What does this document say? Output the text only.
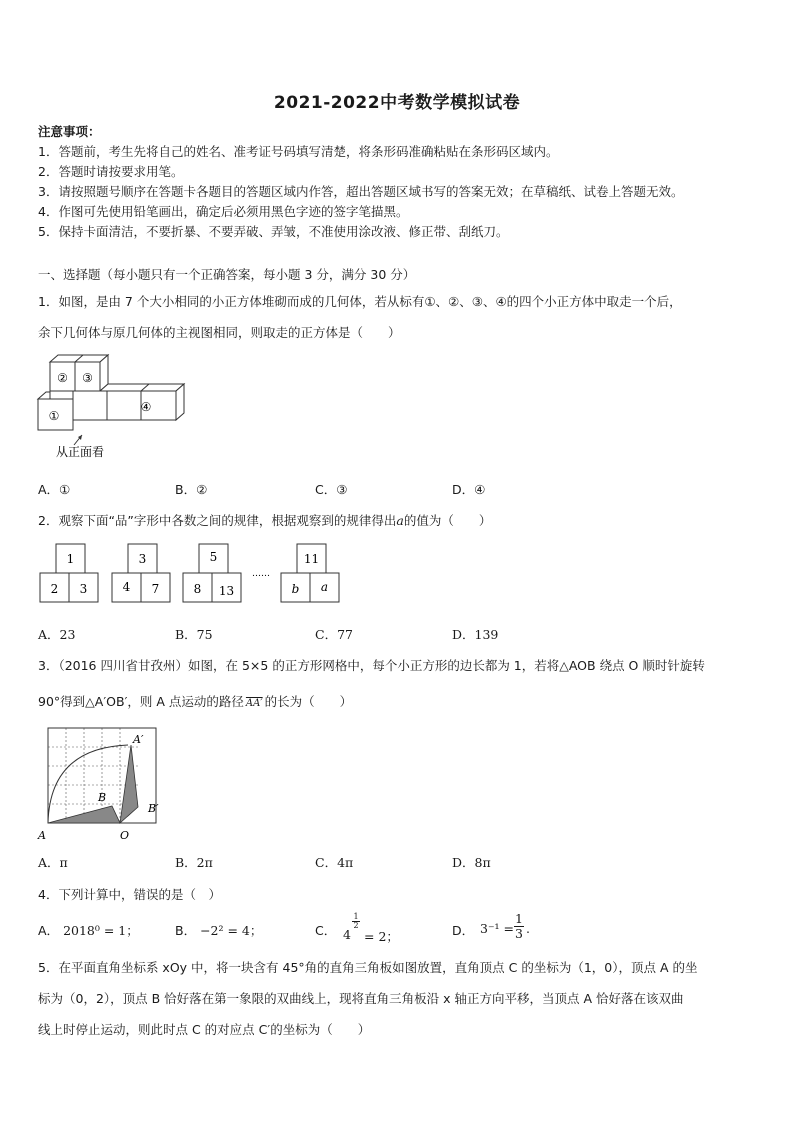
2021-2022中考数学模拟试卷
注意事项：
1．答题前，考生先将自己的姓名、准考证号码填写清楚，将条形码准确粘贴在条形码区域内。
2．答题时请按要求用笔。
3．请按照题号顺序在答题卡各题目的答题区域内作答，超出答题区域书写的答案无效；在草稿纸、试卷上答题无效。
4．作图可先使用铅笔画出，确定后必须用黑色字迹的签字笔描黑。
5．保持卡面清洁，不要折暴、不要弄破、弄皱，不准使用涂改液、修正带、刮纸刀。
一、选择题（每小题只有一个正确答案，每小题 3 分，满分 30 分）
1．如图，是由 7 个大小相同的小正方体堆砌而成的几何体，若从标有①、②、③、④的四个小正方体中取走一个后，
余下几何体与原几何体的主视图相同，则取走的正方体是（　　）
② ③
①
④
从正面看
A．①	B．②	C．③	D．④
2．观察下面“品”字形中各数之间的规律，根据观察到的规律得出a的值为（　　）
1
2 3
3
4 7
5
8 13
……
11
b a
A．23	B．75	C．77	D．139
3．（2016 四川省甘孜州）如图，在 5×5 的正方形网格中，每个小正方形的边长都为 1，若将△AOB 绕点 O 顺时针旋转
90°得到△A′OB′，则 A 点运动的路径 AA′ 的长为（　　）
A	O
B
A′
B′
A．π	B．2π	C．4π	D．8π
4．下列计算中，错误的是（　）
A． 2018⁰ = 1；	B． −2² = 4；	C． 4
$\frac{1}{2}$
= 2；	D． $3^{-1} = \frac{1}{3}$ .
5．在平面直角坐标系 xOy 中，将一块含有 45°角的直角三角板如图放置，直角顶点 C 的坐标为（1，0），顶点 A 的坐
标为（0，2），顶点 B 恰好落在第一象限的双曲线上，现将直角三角板沿 x 轴正方向平移，当顶点 A 恰好落在该双曲
线上时停止运动，则此时点 C 的对应点 C′的坐标为（　　）
